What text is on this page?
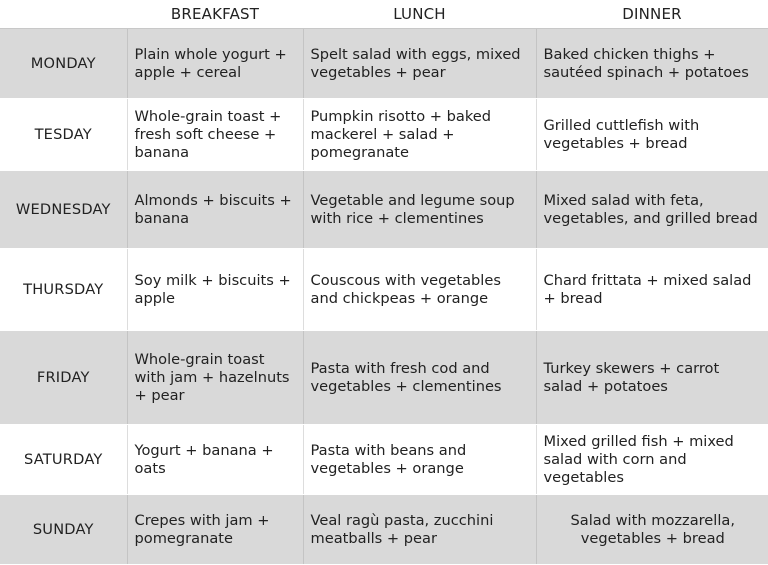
	BREAKFAST	LUNCH	DINNER
MONDAY	Plain whole yogurt +
apple + cereal	Spelt salad with eggs, mixed
vegetables + pear	Baked chicken thighs +
sautéed spinach + potatoes

TESDAY	Whole-grain toast +
fresh soft cheese +
banana	Pumpkin risotto + baked
mackerel + salad +
pomegranate	Grilled cuttlefish with
vegetables + bread

WEDNESDAY	Almonds + biscuits +
banana	Vegetable and legume soup
with rice + clementines	Mixed salad with feta,
vegetables, and grilled bread

THURSDAY	Soy milk + biscuits +
apple	Couscous with vegetables
and chickpeas + orange	Chard frittata + mixed salad
+ bread

FRIDAY	Whole-grain toast
with jam + hazelnuts
+ pear	Pasta with fresh cod and
vegetables + clementines	Turkey skewers + carrot
salad + potatoes

SATURDAY	Yogurt + banana +
oats	Pasta with beans and
vegetables + orange	Mixed grilled fish + mixed
salad with corn and
vegetables

SUNDAY	Crepes with jam +
pomegranate	Veal ragù pasta, zucchini
meatballs + pear	Salad with mozzarella,
vegetables + bread
